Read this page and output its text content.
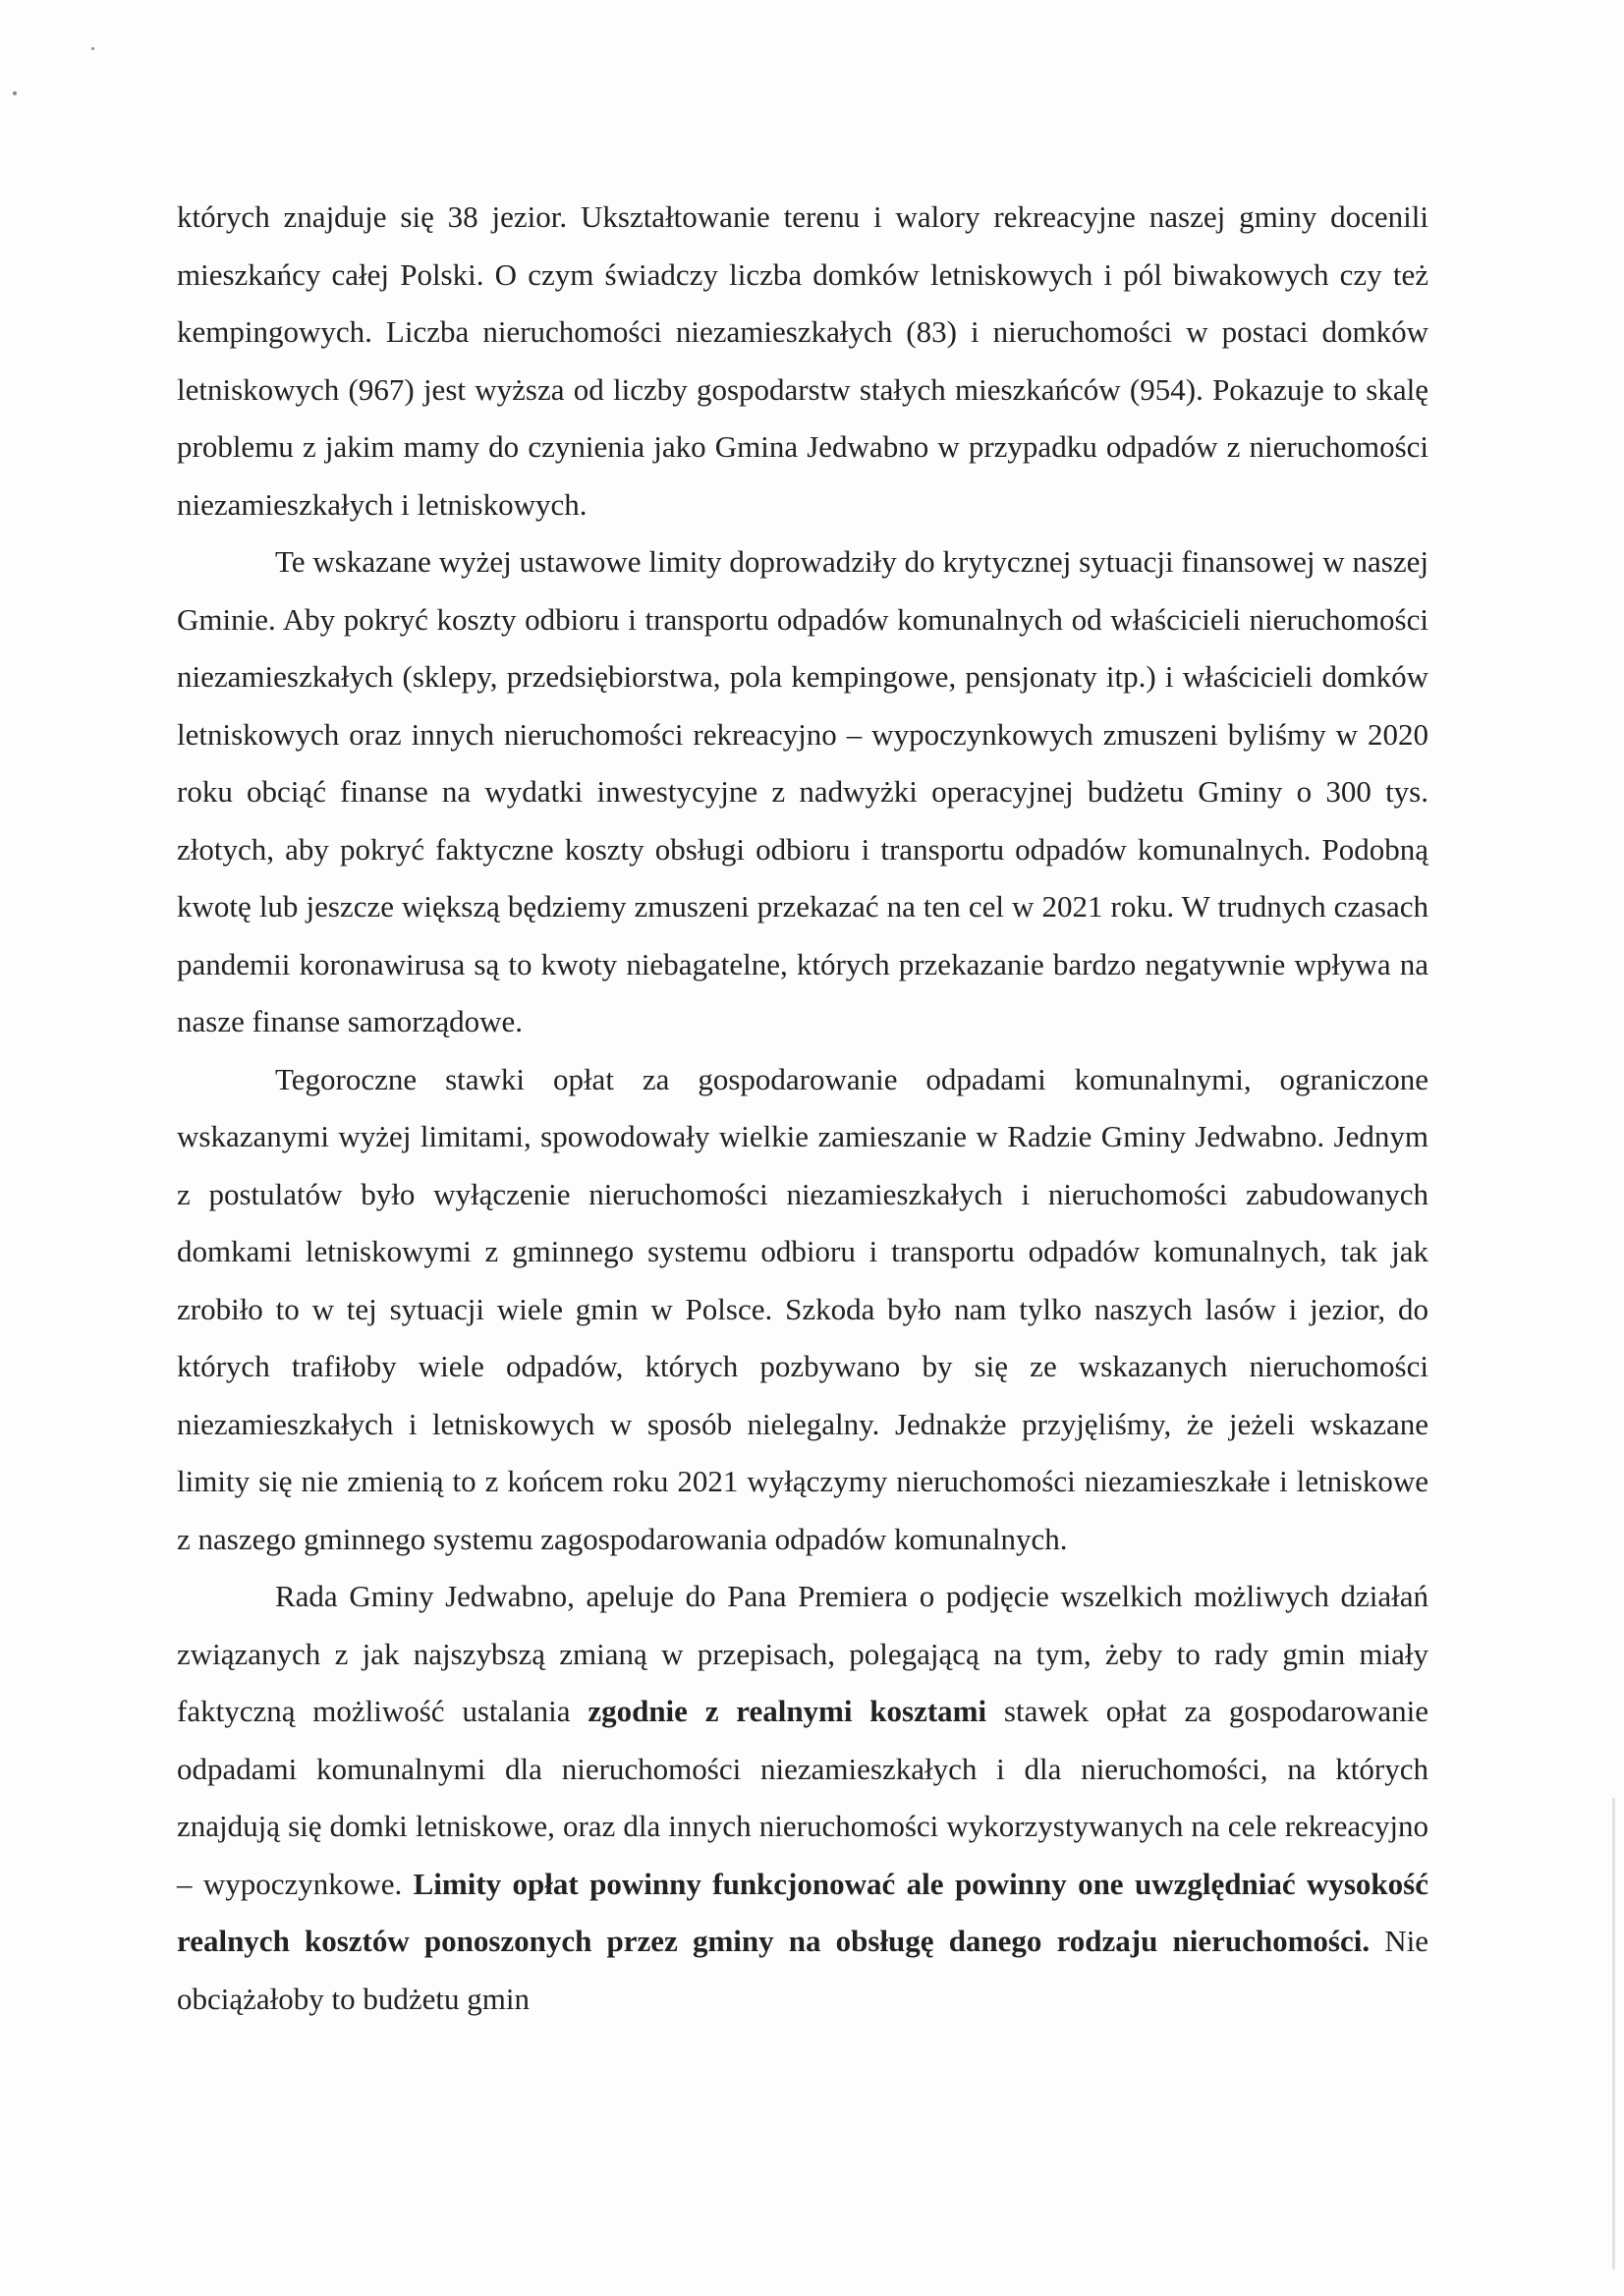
których znajduje się 38 jezior. Ukształtowanie terenu i walory rekreacyjne naszej gminy docenili mieszkańcy całej Polski. O czym świadczy liczba domków letniskowych i pól biwakowych czy też kempingowych. Liczba nieruchomości niezamieszkałych (83) i nieruchomości w postaci domków letniskowych (967) jest wyższa od liczby gospodarstw stałych mieszkańców (954). Pokazuje to skalę problemu z jakim mamy do czynienia jako Gmina Jedwabno w przypadku odpadów z nieruchomości niezamieszkałych i letniskowych.

Te wskazane wyżej ustawowe limity doprowadziły do krytycznej sytuacji finansowej w naszej Gminie. Aby pokryć koszty odbioru i transportu odpadów komunalnych od właścicieli nieruchomości niezamieszkałych (sklepy, przedsiębiorstwa, pola kempingowe, pensjonaty itp.) i właścicieli domków letniskowych oraz innych nieruchomości rekreacyjno – wypoczynkowych zmuszeni byliśmy w 2020 roku obciąć finanse na wydatki inwestycyjne z nadwyżki operacyjnej budżetu Gminy o 300 tys. złotych, aby pokryć faktyczne koszty obsługi odbioru i transportu odpadów komunalnych. Podobną kwotę lub jeszcze większą będziemy zmuszeni przekazać na ten cel w 2021 roku. W trudnych czasach pandemii koronawirusa są to kwoty niebagatelne, których przekazanie bardzo negatywnie wpływa na nasze finanse samorządowe.

Tegoroczne stawki opłat za gospodarowanie odpadami komunalnymi, ograniczone wskazanymi wyżej limitami, spowodowały wielkie zamieszanie w Radzie Gminy Jedwabno. Jednym z postulatów było wyłączenie nieruchomości niezamieszkałych i nieruchomości zabudowanych domkami letniskowymi z gminnego systemu odbioru i transportu odpadów komunalnych, tak jak zrobiło to w tej sytuacji wiele gmin w Polsce. Szkoda było nam tylko naszych lasów i jezior, do których trafiłoby wiele odpadów, których pozbywano by się ze wskazanych nieruchomości niezamieszkałych i letniskowych w sposób nielegalny. Jednakże przyjęliśmy, że jeżeli wskazane limity się nie zmienią to z końcem roku 2021 wyłączymy nieruchomości niezamieszkałe i letniskowe z naszego gminnego systemu zagospodarowania odpadów komunalnych.

Rada Gminy Jedwabno, apeluje do Pana Premiera o podjęcie wszelkich możliwych działań związanych z jak najszybszą zmianą w przepisach, polegającą na tym, żeby to rady gmin miały faktyczną możliwość ustalania zgodnie z realnymi kosztami stawek opłat za gospodarowanie odpadami komunalnymi dla nieruchomości niezamieszkałych i dla nieruchomości, na których znajdują się domki letniskowe, oraz dla innych nieruchomości wykorzystywanych na cele rekreacyjno – wypoczynkowe. Limity opłat powinny funkcjonować ale powinny one uwzględniać wysokość realnych kosztów ponoszonych przez gminy na obsługę danego rodzaju nieruchomości. Nie obciążałoby to budżetu gmin
